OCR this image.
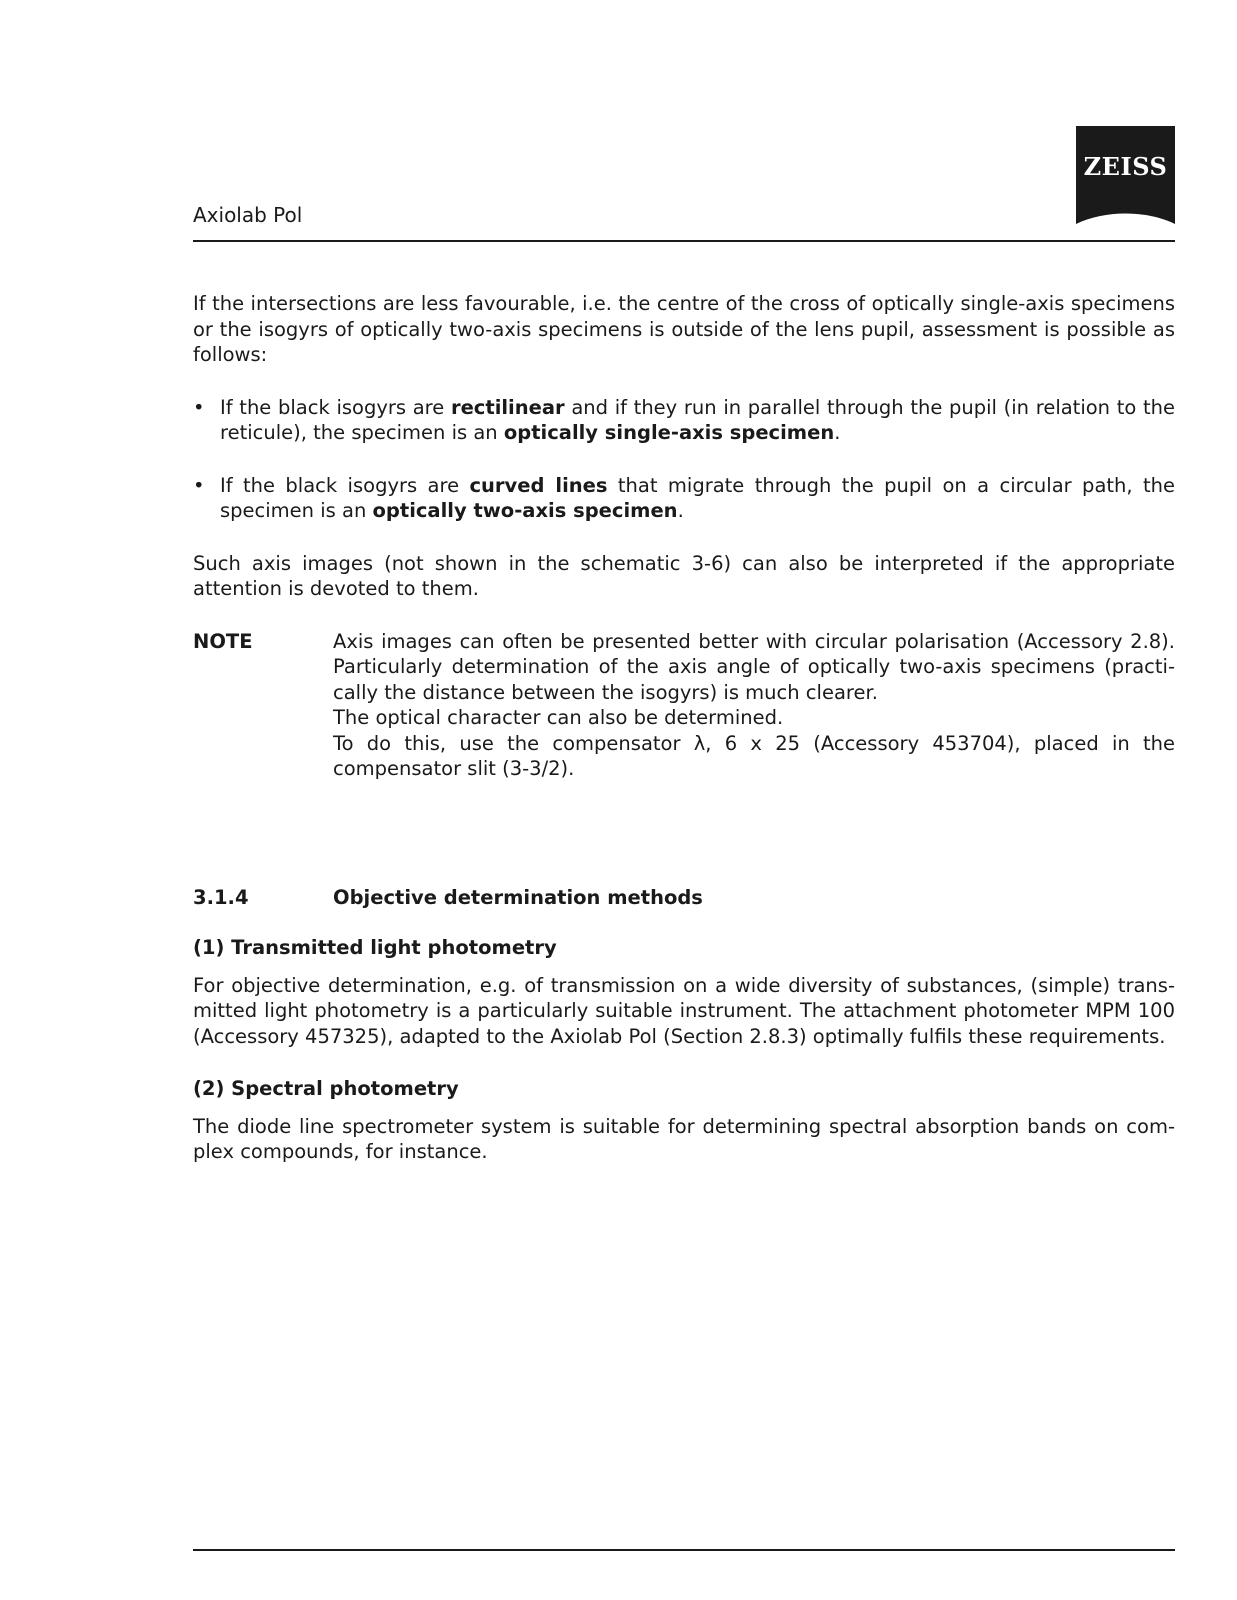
Axiolab Pol
ZEISS

If the intersections are less favourable, i.e. the centre of the cross of optically single-axis specimens or the isogyrs of optically two-axis specimens is outside of the lens pupil, assessment is possible as follows:

• If the black isogyrs are rectilinear and if they run in parallel through the pupil (in relation to the reticule), the specimen is an optically single-axis specimen.
• If the black isogyrs are curved lines that migrate through the pupil on a circular path, the specimen is an optically two-axis specimen.

Such axis images (not shown in the schematic 3-6) can also be interpreted if the appropriate attention is devoted to them.

NOTE	Axis images can often be presented better with circular polarisation (Accessory 2.8). Particularly determination of the axis angle of optically two-axis specimens (practically the distance between the isogyrs) is much clearer.

The optical character can also be determined.

To do this, use the compensator λ, 6 x 25 (Accessory 453704), placed in the compensator slit (3-3/2).

3.1.4	Objective determination methods
(1) Transmitted light photometry

For objective determination, e.g. of transmission on a wide diversity of substances, (simple) transmitted light photometry is a particularly suitable instrument. The attachment photometer MPM 100 (Accessory 457325), adapted to the Axiolab Pol (Section 2.8.3) optimally fulfils these requirements.

(2) Spectral photometry

The diode line spectrometer system is suitable for determining spectral absorption bands on complex compounds, for instance.
